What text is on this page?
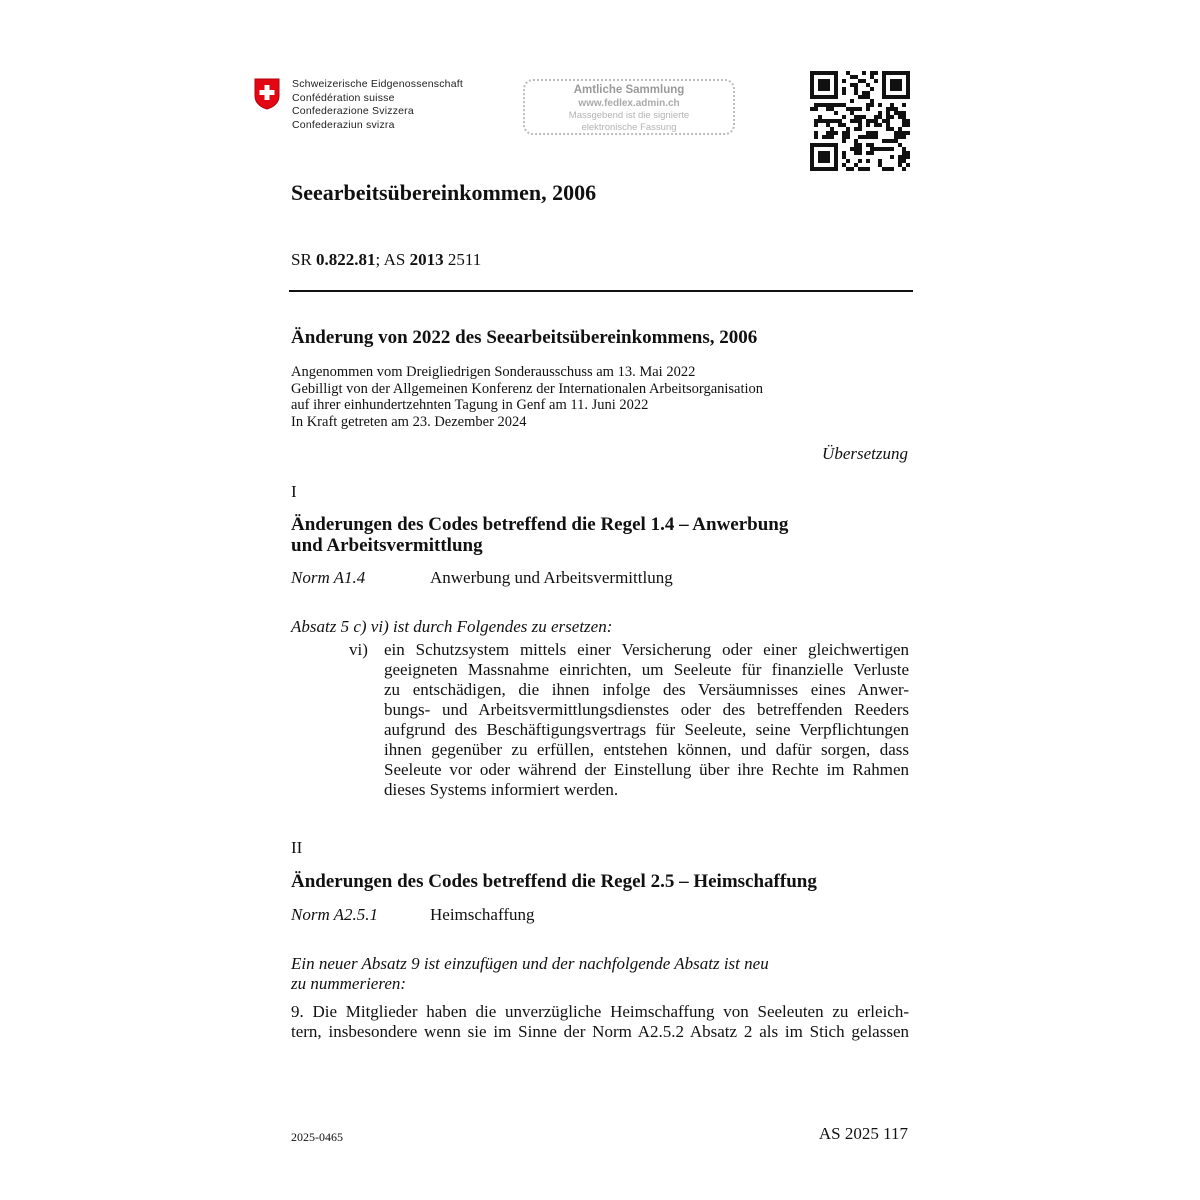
Schweizerische Eidgenossenschaft
Confédération suisse
Confederazione Svizzera
Confederaziun svizra
Amtliche Sammlung
www.fedlex.admin.ch
Massgebend ist die signierte
elektronische Fassung
Seearbeitsübereinkommen, 2006
SR 0.822.81; AS 2013 2511
Änderung von 2022 des Seearbeitsübereinkommens, 2006
Angenommen vom Dreigliedrigen Sonderausschuss am 13. Mai 2022
Gebilligt von der Allgemeinen Konferenz der Internationalen Arbeitsorganisation
auf ihrer einhundertzehnten Tagung in Genf am 11. Juni 2022
In Kraft getreten am 23. Dezember 2024
Übersetzung
I
Änderungen des Codes betreffend die Regel 1.4 – Anwerbung
und Arbeitsvermittlung
Norm A1.4	Anwerbung und Arbeitsvermittlung
Absatz 5 c) vi) ist durch Folgendes zu ersetzen:
vi) ein Schutzsystem mittels einer Versicherung oder einer gleichwertigen
geeigneten Massnahme einrichten, um Seeleute für finanzielle Verluste
zu entschädigen, die ihnen infolge des Versäumnisses eines Anwer-
bungs- und Arbeitsvermittlungsdienstes oder des betreffenden Reeders
aufgrund des Beschäftigungsvertrags für Seeleute, seine Verpflichtungen
ihnen gegenüber zu erfüllen, entstehen können, und dafür sorgen, dass
Seeleute vor oder während der Einstellung über ihre Rechte im Rahmen
dieses Systems informiert werden.
II
Änderungen des Codes betreffend die Regel 2.5 – Heimschaffung
Norm A2.5.1	Heimschaffung
Ein neuer Absatz 9 ist einzufügen und der nachfolgende Absatz ist neu
zu nummerieren:
9. Die Mitglieder haben die unverzügliche Heimschaffung von Seeleuten zu erleich-
tern, insbesondere wenn sie im Sinne der Norm A2.5.2 Absatz 2 als im Stich gelassen
2025-0465	AS 2025 117
